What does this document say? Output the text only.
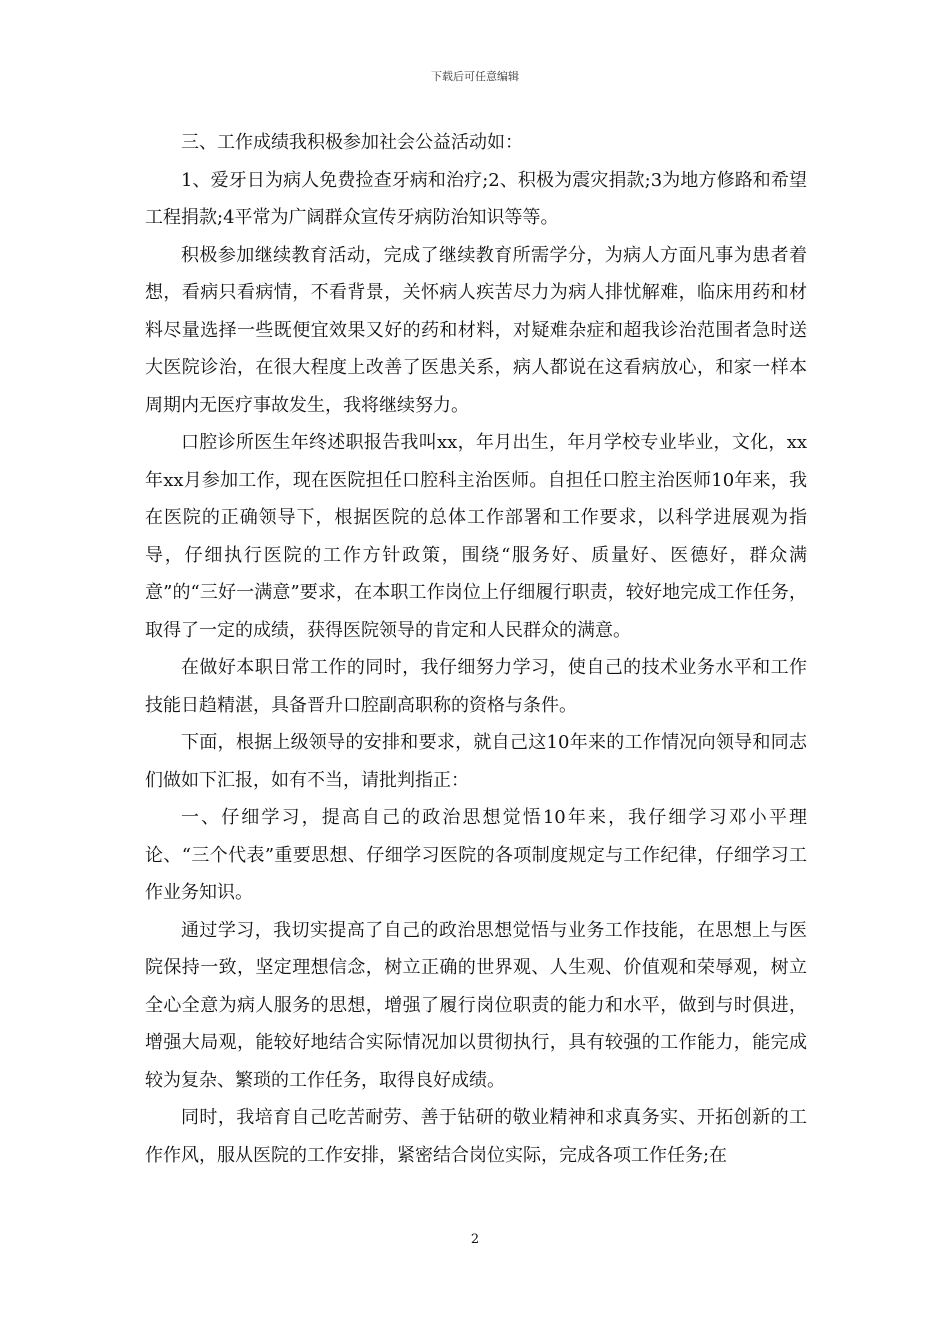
下载后可任意编辑

三、工作成绩我积极参加社会公益活动如：

1、爱牙日为病人免费捡查牙病和治疗;2、积极为震灾捐款;3为地方修路和希望工程捐款;4平常为广阔群众宣传牙病防治知识等等。

积极参加继续教育活动，完成了继续教育所需学分，为病人方面凡事为患者着想，看病只看病情，不看背景，关怀病人疾苦尽力为病人排忧解难，临床用药和材料尽量选择一些既便宜效果又好的药和材料，对疑难杂症和超我诊治范围者急时送大医院诊治，在很大程度上改善了医患关系，病人都说在这看病放心，和家一样本周期内无医疗事故发生，我将继续努力。

口腔诊所医生年终述职报告我叫xx，年月出生，年月学校专业毕业，文化，xx年xx月参加工作，现在医院担任口腔科主治医师。自担任口腔主治医师10年来，我在医院的正确领导下，根据医院的总体工作部署和工作要求，以科学进展观为指导，仔细执行医院的工作方针政策，围绕“服务好、质量好、医德好，群众满意”的“三好一满意”要求，在本职工作岗位上仔细履行职责，较好地完成工作任务，取得了一定的成绩，获得医院领导的肯定和人民群众的满意。

在做好本职日常工作的同时，我仔细努力学习，使自己的技术业务水平和工作技能日趋精湛，具备晋升口腔副高职称的资格与条件。

下面，根据上级领导的安排和要求，就自己这10年来的工作情况向领导和同志们做如下汇报，如有不当，请批判指正：

一、仔细学习，提高自己的政治思想觉悟10年来，我仔细学习邓小平理论、“三个代表”重要思想、仔细学习医院的各项制度规定与工作纪律，仔细学习工作业务知识。

通过学习，我切实提高了自己的政治思想觉悟与业务工作技能，在思想上与医院保持一致，坚定理想信念，树立正确的世界观、人生观、价值观和荣辱观，树立全心全意为病人服务的思想，增强了履行岗位职责的能力和水平，做到与时俱进，增强大局观，能较好地结合实际情况加以贯彻执行，具有较强的工作能力，能完成较为复杂、繁琐的工作任务，取得良好成绩。

同时，我培育自己吃苦耐劳、善于钻研的敬业精神和求真务实、开拓创新的工作作风，服从医院的工作安排，紧密结合岗位实际，完成各项工作任务;在

2
